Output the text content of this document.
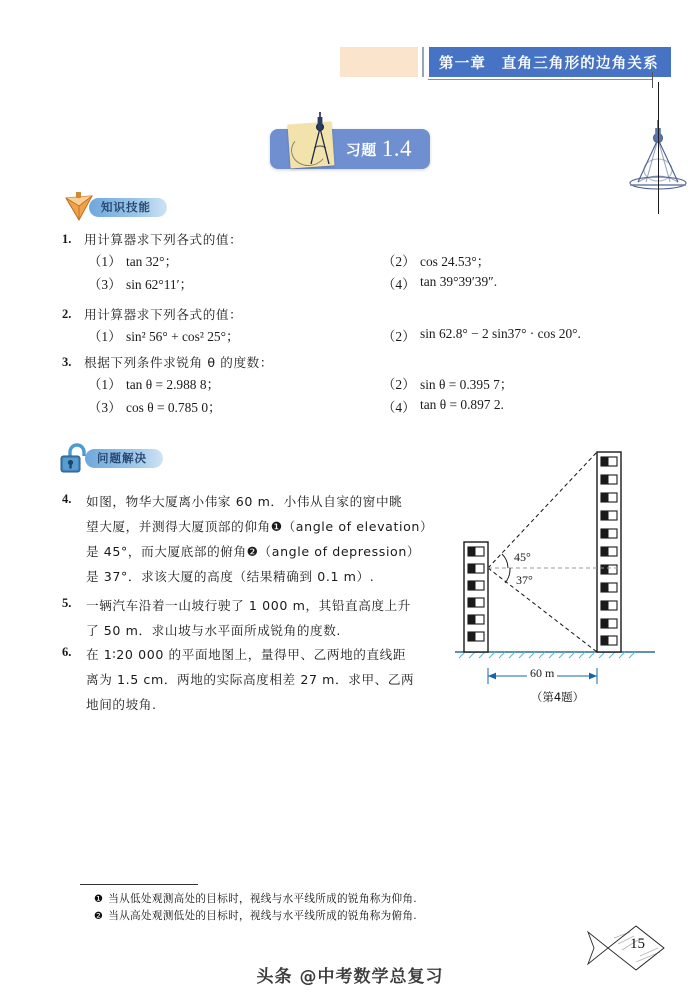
第一章　直角三角形的边角关系
习题 1.4
知识技能
问题解决
1. 用计算器求下列各式的值：
（1） tan 32°；	（2） cos 24.53°；
（3） sin 62°11′；	（4） tan 39°39′39″.
2. 用计算器求下列各式的值：
（1） sin² 56° + cos² 25°；	（2） sin 62.8° − 2 sin37° · cos 20°.
3. 根据下列条件求锐角 θ 的度数：
（1） tan θ = 2.988 8；	（2） sin θ = 0.395 7；
（3） cos θ = 0.785 0；	（4） tan θ = 0.897 2.
4. 如图，物华大厦离小伟家 60 m．小伟从自家的窗中眺
望大厦，并测得大厦顶部的仰角❶（angle of elevation）
是 45°，而大厦底部的俯角❷（angle of depression）
是 37°．求该大厦的高度（结果精确到 0.1 m）.
5. 一辆汽车沿着一山坡行驶了 1 000 m，其铅直高度上升
了 50 m．求山坡与水平面所成锐角的度数.
6. 在 1∶20 000 的平面地图上，量得甲、乙两地的直线距
离为 1.5 cm．两地的实际高度相差 27 m．求甲、乙两
地间的坡角.
45°
37°
60 m
（第4题）
❶ 当从低处观测高处的目标时，视线与水平线所成的锐角称为仰角.
❷ 当从高处观测低处的目标时，视线与水平线所成的锐角称为俯角.
15
头条 @中考数学总复习
